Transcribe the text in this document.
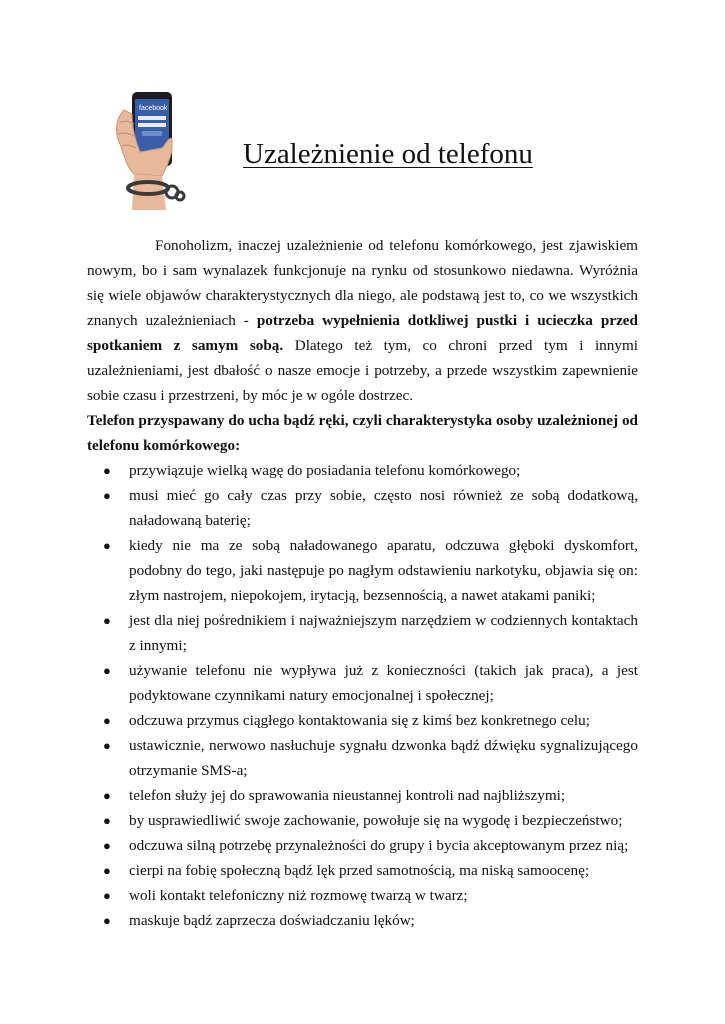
facebook
Uzależnienie od telefonu

Fonoholizm, inaczej uzależnienie od telefonu komórkowego, jest zjawiskiem nowym, bo i sam wynalazek funkcjonuje na rynku od stosunkowo niedawna. Wyróżnia się wiele objawów charakterystycznych dla niego, ale podstawą jest to, co we wszystkich znanych uzależnieniach - potrzeba wypełnienia dotkliwej pustki i ucieczka przed spotkaniem z samym sobą. Dlatego też tym, co chroni przed tym i innymi uzależnieniami, jest dbałość o nasze emocje i potrzeby, a przede wszystkim zapewnienie sobie czasu i przestrzeni, by móc je w ogóle dostrzec.

Telefon przyspawany do ucha bądź ręki, czyli charakterystyka osoby uzależnionej od telefonu komórkowego:

● przywiązuje wielką wagę do posiadania telefonu komórkowego;
● musi mieć go cały czas przy sobie, często nosi również ze sobą dodatkową, naładowaną baterię;
● kiedy nie ma ze sobą naładowanego aparatu, odczuwa głęboki dyskomfort, podobny do tego, jaki następuje po nagłym odstawieniu narkotyku, objawia się on: złym nastrojem, niepokojem, irytacją, bezsennością, a nawet atakami paniki;
● jest dla niej pośrednikiem i najważniejszym narzędziem w codziennych kontaktach z innymi;
● używanie telefonu nie wypływa już z konieczności (takich jak praca), a jest podyktowane czynnikami natury emocjonalnej i społecznej;
● odczuwa przymus ciągłego kontaktowania się z kimś bez konkretnego celu;
● ustawicznie, nerwowo nasłuchuje sygnału dzwonka bądź dźwięku sygnalizującego otrzymanie SMS-a;
● telefon służy jej do sprawowania nieustannej kontroli nad najbliższymi;
● by usprawiedliwić swoje zachowanie, powołuje się na wygodę i bezpieczeństwo;
● odczuwa silną potrzebę przynależności do grupy i bycia akceptowanym przez nią;
● cierpi na fobię społeczną bądź lęk przed samotnością, ma niską samoocenę;
● woli kontakt telefoniczny niż rozmowę twarzą w twarz;
● maskuje bądź zaprzecza doświadczaniu lęków;
